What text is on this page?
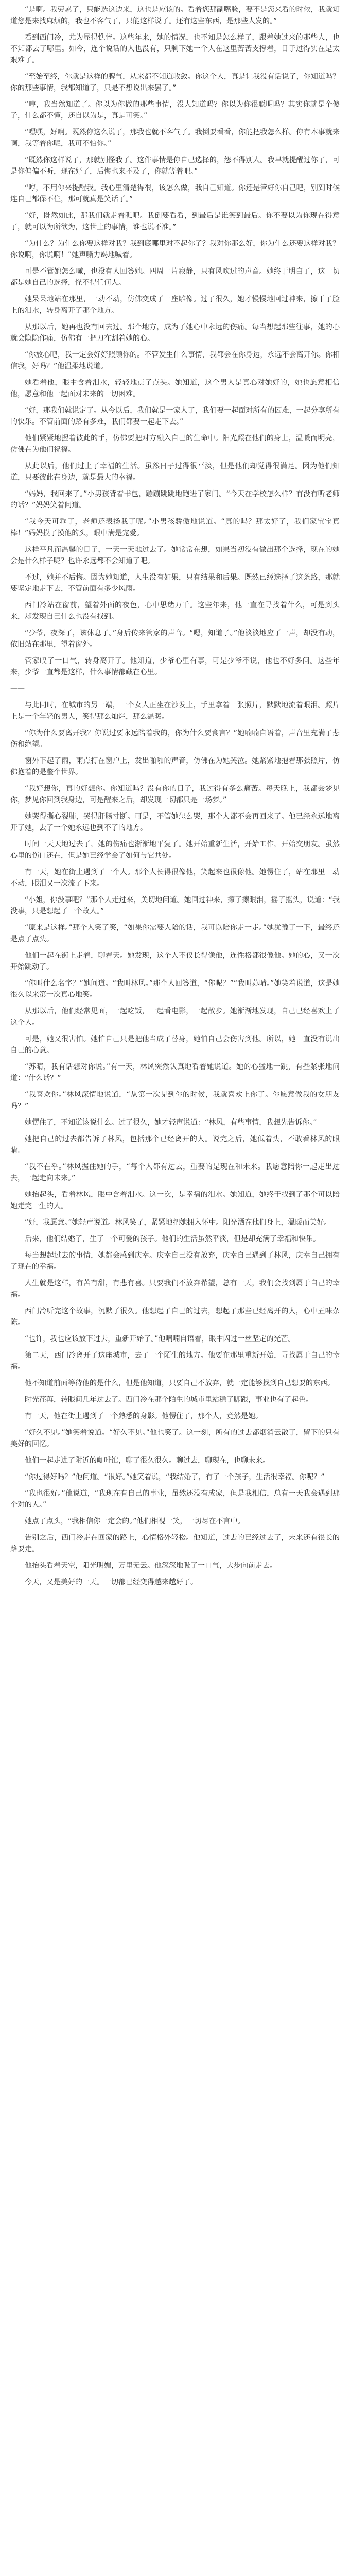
“是啊。我劳累了，只能选这边来，这也是应该的。看着您那副嘴脸，要不是您来看的时候，我就知道您是来找麻烦的，我也不客气了，只能这样说了。还有这些东西，是那些人发的。”

看到西门冷，尤为显得憔悴。这些年来，她的情况，也不知是怎么样了，跟着她过来的那些人，也不知都去了哪里。如今，连个说话的人也没有，只剩下她一个人在这里苦苦支撑着，日子过得实在是太艰难了。

“至始至终，你就是这样的脾气，从来都不知道收敛。你这个人，真是让我没有话说了，你知道吗？你的那些事情，我都知道了，只是不想说出来罢了。”

“哼，我当然知道了。你以为你做的那些事情，没人知道吗？你以为你很聪明吗？其实你就是个傻子，什么都不懂，还自以为是，真是可笑。”

“嘿嘿，好啊。既然你这么说了，那我也就不客气了。我倒要看看，你能把我怎么样。你有本事就来啊，我等着你呢，我可不怕你。”

“既然你这样说了，那就别怪我了。这件事情是你自己选择的，怨不得别人。我早就提醒过你了，可是你偏偏不听，现在好了，后悔也来不及了，你就等着吧。”

“哼，不用你来提醒我。我心里清楚得很，该怎么做，我自己知道。你还是管好你自己吧，别到时候连自己都保不住，那可就真是笑话了。”

“好，既然如此，那我们就走着瞧吧。我倒要看看，到最后是谁笑到最后。你不要以为你现在得意了，就可以为所欲为，这世上的事情，谁也说不准。”

“为什么？为什么你要这样对我？我到底哪里对不起你了？我对你那么好，你为什么还要这样对我？你说啊，你说啊！”她声嘶力竭地喊着。

可是不管她怎么喊，也没有人回答她。四周一片寂静，只有风吹过的声音。她终于明白了，这一切都是她自己的选择，怪不得任何人。

她呆呆地站在那里，一动不动，仿佛变成了一座雕像。过了很久，她才慢慢地回过神来，擦干了脸上的泪水，转身离开了那个地方。

从那以后，她再也没有回去过。那个地方，成为了她心中永远的伤痛。每当想起那些往事，她的心就会隐隐作痛，仿佛有一把刀在割着她的心。

“你放心吧，我一定会好好照顾你的。不管发生什么事情，我都会在你身边，永远不会离开你。你相信我，好吗？”他温柔地说道。

她看着他，眼中含着泪水，轻轻地点了点头。她知道，这个男人是真心对她好的，她也愿意相信他，愿意和他一起面对未来的一切困难。

“好，那我们就说定了。从今以后，我们就是一家人了，我们要一起面对所有的困难，一起分享所有的快乐。不管前面的路有多难，我们都要一起走下去。”

他们紧紧地握着彼此的手，仿佛要把对方融入自己的生命中。阳光照在他们的身上，温暖而明亮，仿佛在为他们祝福。

从此以后，他们过上了幸福的生活。虽然日子过得很平淡，但是他们却觉得很满足。因为他们知道，只要彼此在身边，就是最大的幸福。

“妈妈，我回来了。”小男孩背着书包，蹦蹦跳跳地跑进了家门。“今天在学校怎么样？有没有听老师的话？”妈妈笑着问道。

“我今天可乖了，老师还表扬我了呢。”小男孩骄傲地说道。“真的吗？那太好了，我们家宝宝真棒！”妈妈摸了摸他的头，眼中满是宠爱。

这样平凡而温馨的日子，一天一天地过去了。她常常在想，如果当初没有做出那个选择，现在的她会是什么样子呢？也许永远都不会知道了吧。

不过，她并不后悔。因为她知道，人生没有如果，只有结果和后果。既然已经选择了这条路，那就要坚定地走下去，不管前面有多少风雨。

西门冷站在窗前，望着外面的夜色，心中思绪万千。这些年来，他一直在寻找着什么，可是到头来，却发现自己什么也没有找到。

“少爷，夜深了，该休息了。”身后传来管家的声音。“嗯，知道了。”他淡淡地应了一声，却没有动，依旧站在那里，望着窗外。

管家叹了一口气，转身离开了。他知道，少爷心里有事，可是少爷不说，他也不好多问。这些年来，少爷一直都是这样，什么事情都藏在心里。

——

与此同时，在城市的另一端，一个女人正坐在沙发上，手里拿着一张照片，默默地流着眼泪。照片上是一个年轻的男人，笑得那么灿烂，那么温暖。

“你为什么要离开我？你说过要永远陪着我的，你为什么要食言？”她喃喃自语着，声音里充满了悲伤和绝望。

窗外下起了雨，雨点打在窗户上，发出啪啪的声音，仿佛在为她哭泣。她紧紧地抱着那张照片，仿佛抱着的是整个世界。

“我好想你，真的好想你。你知道吗？没有你的日子，我过得有多么痛苦。每天晚上，我都会梦见你，梦见你回到我身边，可是醒来之后，却发现一切都只是一场梦。”

她哭得撕心裂肺，哭得肝肠寸断。可是，不管她怎么哭，那个人都不会再回来了。他已经永远地离开了她，去了一个她永远也到不了的地方。

时间一天天地过去了，她的伤痛也渐渐地平复了。她开始重新生活，开始工作，开始交朋友。虽然心里的伤口还在，但是她已经学会了如何与它共处。

有一天，她在街上遇到了一个人。那个人长得很像他，笑起来也很像他。她愣住了，站在那里一动不动，眼泪又一次流了下来。

“小姐，你没事吧？”那个人走过来，关切地问道。她回过神来，擦了擦眼泪，摇了摇头，说道：“我没事，只是想起了一个故人。”

“原来是这样。”那个人笑了笑，“如果你需要人陪的话，我可以陪你走一走。”她犹豫了一下，最终还是点了点头。

他们一起在街上走着，聊着天。她发现，这个人不仅长得像他，连性格都很像他。她的心，又一次开始跳动了。

“你叫什么名字？”她问道。“我叫林风。”那个人回答道，“你呢？”“我叫苏晴。”她笑着说道，这是她很久以来第一次真心地笑。

从那以后，他们经常见面，一起吃饭，一起看电影，一起散步。她渐渐地发现，自己已经喜欢上了这个人。

可是，她又很害怕。她怕自己只是把他当成了替身，她怕自己会伤害到他。所以，她一直没有说出自己的心意。

“苏晴，我有话想对你说。”有一天，林风突然认真地看着她说道。她的心猛地一跳，有些紧张地问道：“什么话？”

“我喜欢你。”林风深情地说道，“从第一次见到你的时候，我就喜欢上你了。你愿意做我的女朋友吗？”

她愣住了，不知道该说什么。过了很久，她才轻声说道：“林风，有些事情，我想先告诉你。”

她把自己的过去都告诉了林风，包括那个已经离开的人。说完之后，她低着头，不敢看林风的眼睛。

“我不在乎。”林风握住她的手，“每个人都有过去，重要的是现在和未来。我愿意陪你一起走出过去，一起走向未来。”

她抬起头，看着林风，眼中含着泪水。这一次，是幸福的泪水。她知道，她终于找到了那个可以陪她走完一生的人。

“好，我愿意。”她轻声说道。林风笑了，紧紧地把她拥入怀中。阳光洒在他们身上，温暖而美好。

后来，他们结婚了，生了一个可爱的孩子。他们的生活虽然平淡，但是却充满了幸福和快乐。

每当想起过去的事情，她都会感到庆幸。庆幸自己没有放弃，庆幸自己遇到了林风，庆幸自己拥有了现在的幸福。

人生就是这样，有苦有甜，有悲有喜。只要我们不放弃希望，总有一天，我们会找到属于自己的幸福。

西门冷听完这个故事，沉默了很久。他想起了自己的过去，想起了那些已经离开的人，心中五味杂陈。

“也许，我也应该放下过去，重新开始了。”他喃喃自语着，眼中闪过一丝坚定的光芒。

第二天，西门冷离开了这座城市，去了一个陌生的地方。他要在那里重新开始，寻找属于自己的幸福。

他不知道前面等待他的是什么，但是他知道，只要自己不放弃，就一定能够找到自己想要的东西。

时光荏苒，转眼间几年过去了。西门冷在那个陌生的城市里站稳了脚跟，事业也有了起色。

有一天，他在街上遇到了一个熟悉的身影。他愣住了，那个人，竟然是她。

“好久不见。”她笑着说道。“好久不见。”他也笑了。这一刻，所有的过去都烟消云散了，留下的只有美好的回忆。

他们一起走进了附近的咖啡馆，聊了很久很久。聊过去，聊现在，也聊未来。

“你过得好吗？”他问道。“很好。”她笑着说，“我结婚了，有了一个孩子，生活很幸福。你呢？”

“我也很好。”他说道，“我现在有自己的事业，虽然还没有成家，但是我相信，总有一天我会遇到那个对的人。”

她点了点头，“我相信你一定会的。”他们相视一笑，一切尽在不言中。

告别之后，西门冷走在回家的路上，心情格外轻松。他知道，过去的已经过去了，未来还有很长的路要走。

他抬头看着天空，阳光明媚，万里无云。他深深地吸了一口气，大步向前走去。

今天，又是美好的一天。一切都已经变得越来越好了。
